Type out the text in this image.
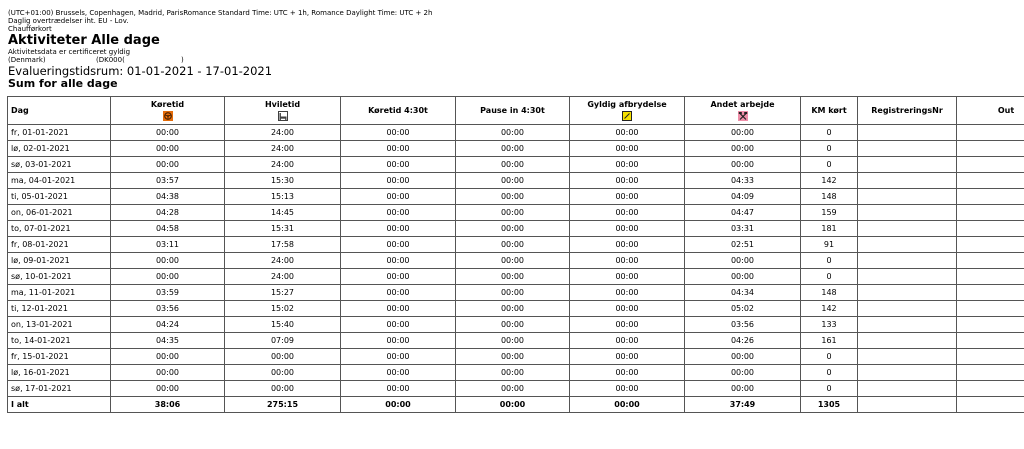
(UTC+01:00) Brussels, Copenhagen, Madrid, ParisRomance Standard Time: UTC + 1h, Romance Daylight Time: UTC + 2h
Daglig overtrædelser iht. EU - Lov.
Chaufførkort
Aktiviteter Alle dage
Aktivitetsdata er certificeret gyldig
(Denmark)	(DK000(	)
Evalueringstidsrum: 01-01-2021 - 17-01-2021
Sum for alle dage
Dag	Køretid	Hviletid	Køretid 4:30t	Pause in 4:30t	Gyldig afbrydelse	Andet arbejde	KM kørt	RegistreringsNr	Out
fr, 01-01-2021	00:00	24:00	00:00	00:00	00:00	00:00	0		
lø, 02-01-2021	00:00	24:00	00:00	00:00	00:00	00:00	0		
sø, 03-01-2021	00:00	24:00	00:00	00:00	00:00	00:00	0		
ma, 04-01-2021	03:57	15:30	00:00	00:00	00:00	04:33	142		
ti, 05-01-2021	04:38	15:13	00:00	00:00	00:00	04:09	148	

on, 06-01-2021	04:28	14:45	00:00	00:00	00:00	04:47	159	

to, 07-01-2021	04:58	15:31	00:00	00:00	00:00	03:31	181	

fr, 08-01-2021	03:11	17:58	00:00	00:00	00:00	02:51	91	

lø, 09-01-2021	00:00	24:00	00:00	00:00	00:00	00:00	0		
sø, 10-01-2021	00:00	24:00	00:00	00:00	00:00	00:00	0		
ma, 11-01-2021	03:59	15:27	00:00	00:00	00:00	04:34	148	

ti, 12-01-2021	03:56	15:02	00:00	00:00	00:00	05:02	142	

on, 13-01-2021	04:24	15:40	00:00	00:00	00:00	03:56	133	

to, 14-01-2021	04:35	07:09	00:00	00:00	00:00	04:26	161		
fr, 15-01-2021	00:00	00:00	00:00	00:00	00:00	00:00	0		
lø, 16-01-2021	00:00	00:00	00:00	00:00	00:00	00:00	0		
sø, 17-01-2021	00:00	00:00	00:00	00:00	00:00	00:00	0		
I alt	38:06	275:15	00:00	00:00	00:00	37:49	1305		
